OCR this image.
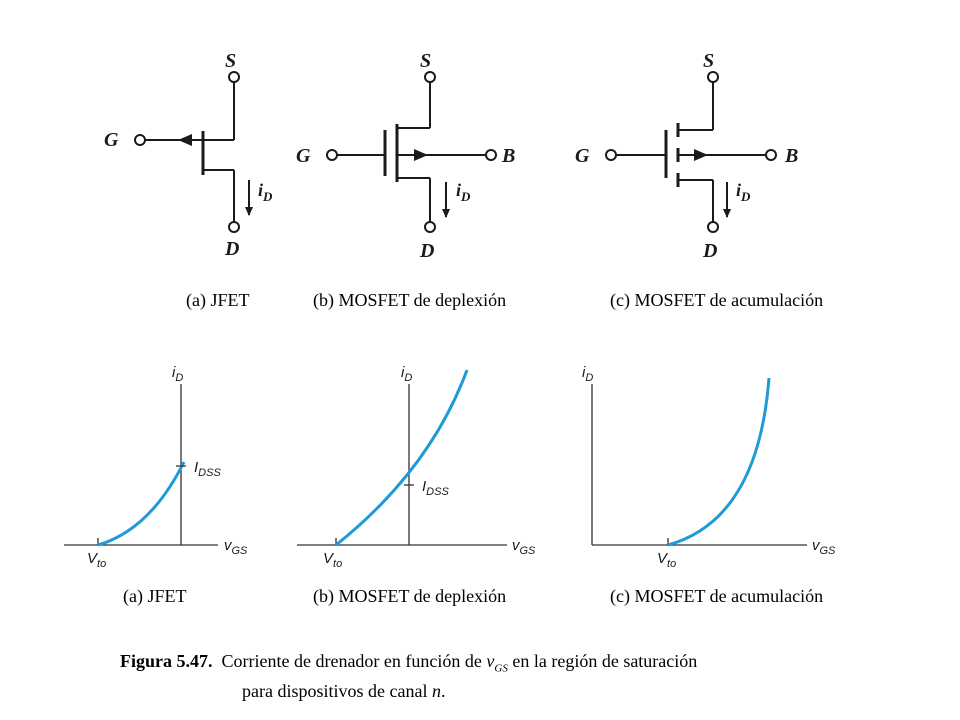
S
G
D
$i_D$
(a) JFET
S
G	B
D
$i_D$
(b) MOSFET de deplexión
S
G	B
D
$i_D$
(c) MOSFET de acumulación
$i_D$
$v_{GS}$
$V_{to}$
$I_{DSS}$
(a) JFET
$i_D$
$v_{GS}$
$V_{to}$
$I_{DSS}$
(b) MOSFET de deplexión
$i_D$
$v_{GS}$
$V_{to}$
(c) MOSFET de acumulación
Figura 5.47. Corriente de drenador en función de $v_{GS}$ en la región de saturación
para dispositivos de canal n.
